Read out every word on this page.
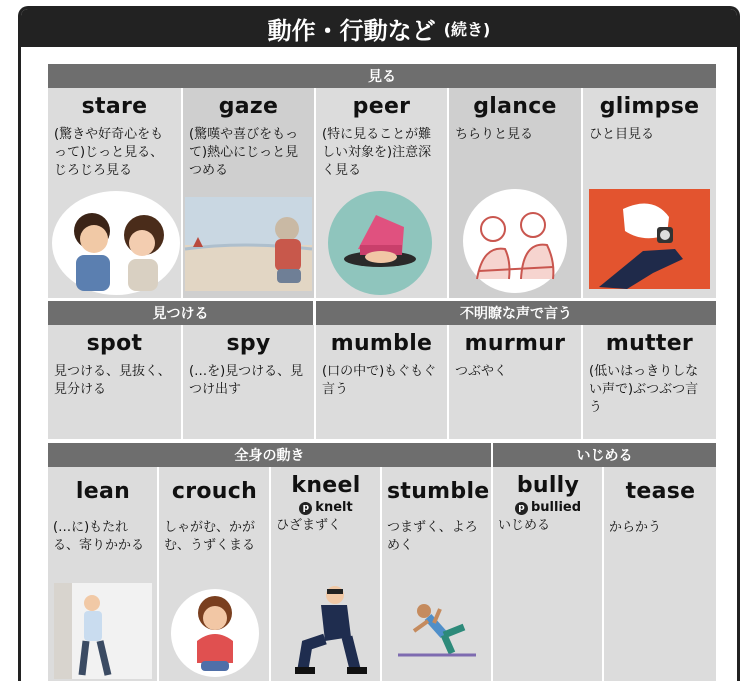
動作・行動など (続き)
見る
stare
(驚きや好奇心をもって)じっと見る、じろじろ見る
gaze
(驚嘆や喜びをもって)熱心にじっと見つめる
peer
(特に見ることが難しい対象を)注意深く見る
glance
ちらりと見る
glimpse
ひと目見る
見つける	不明瞭な声で言う
spot
見つける、見抜く、見分ける
spy
(…を)見つける、見つけ出す
mumble
(口の中で)もぐもぐ言う
murmur
つぶやく
mutter
(低いはっきりしない声で)ぶつぶつ言う
全身の動き	いじめる
lean
(…に)もたれる、寄りかかる
crouch
しゃがむ、かがむ、うずくまる
kneel
p knelt
ひざまずく
stumble
つまずく、よろめく
bully
p bullied
いじめる
tease
からかう
